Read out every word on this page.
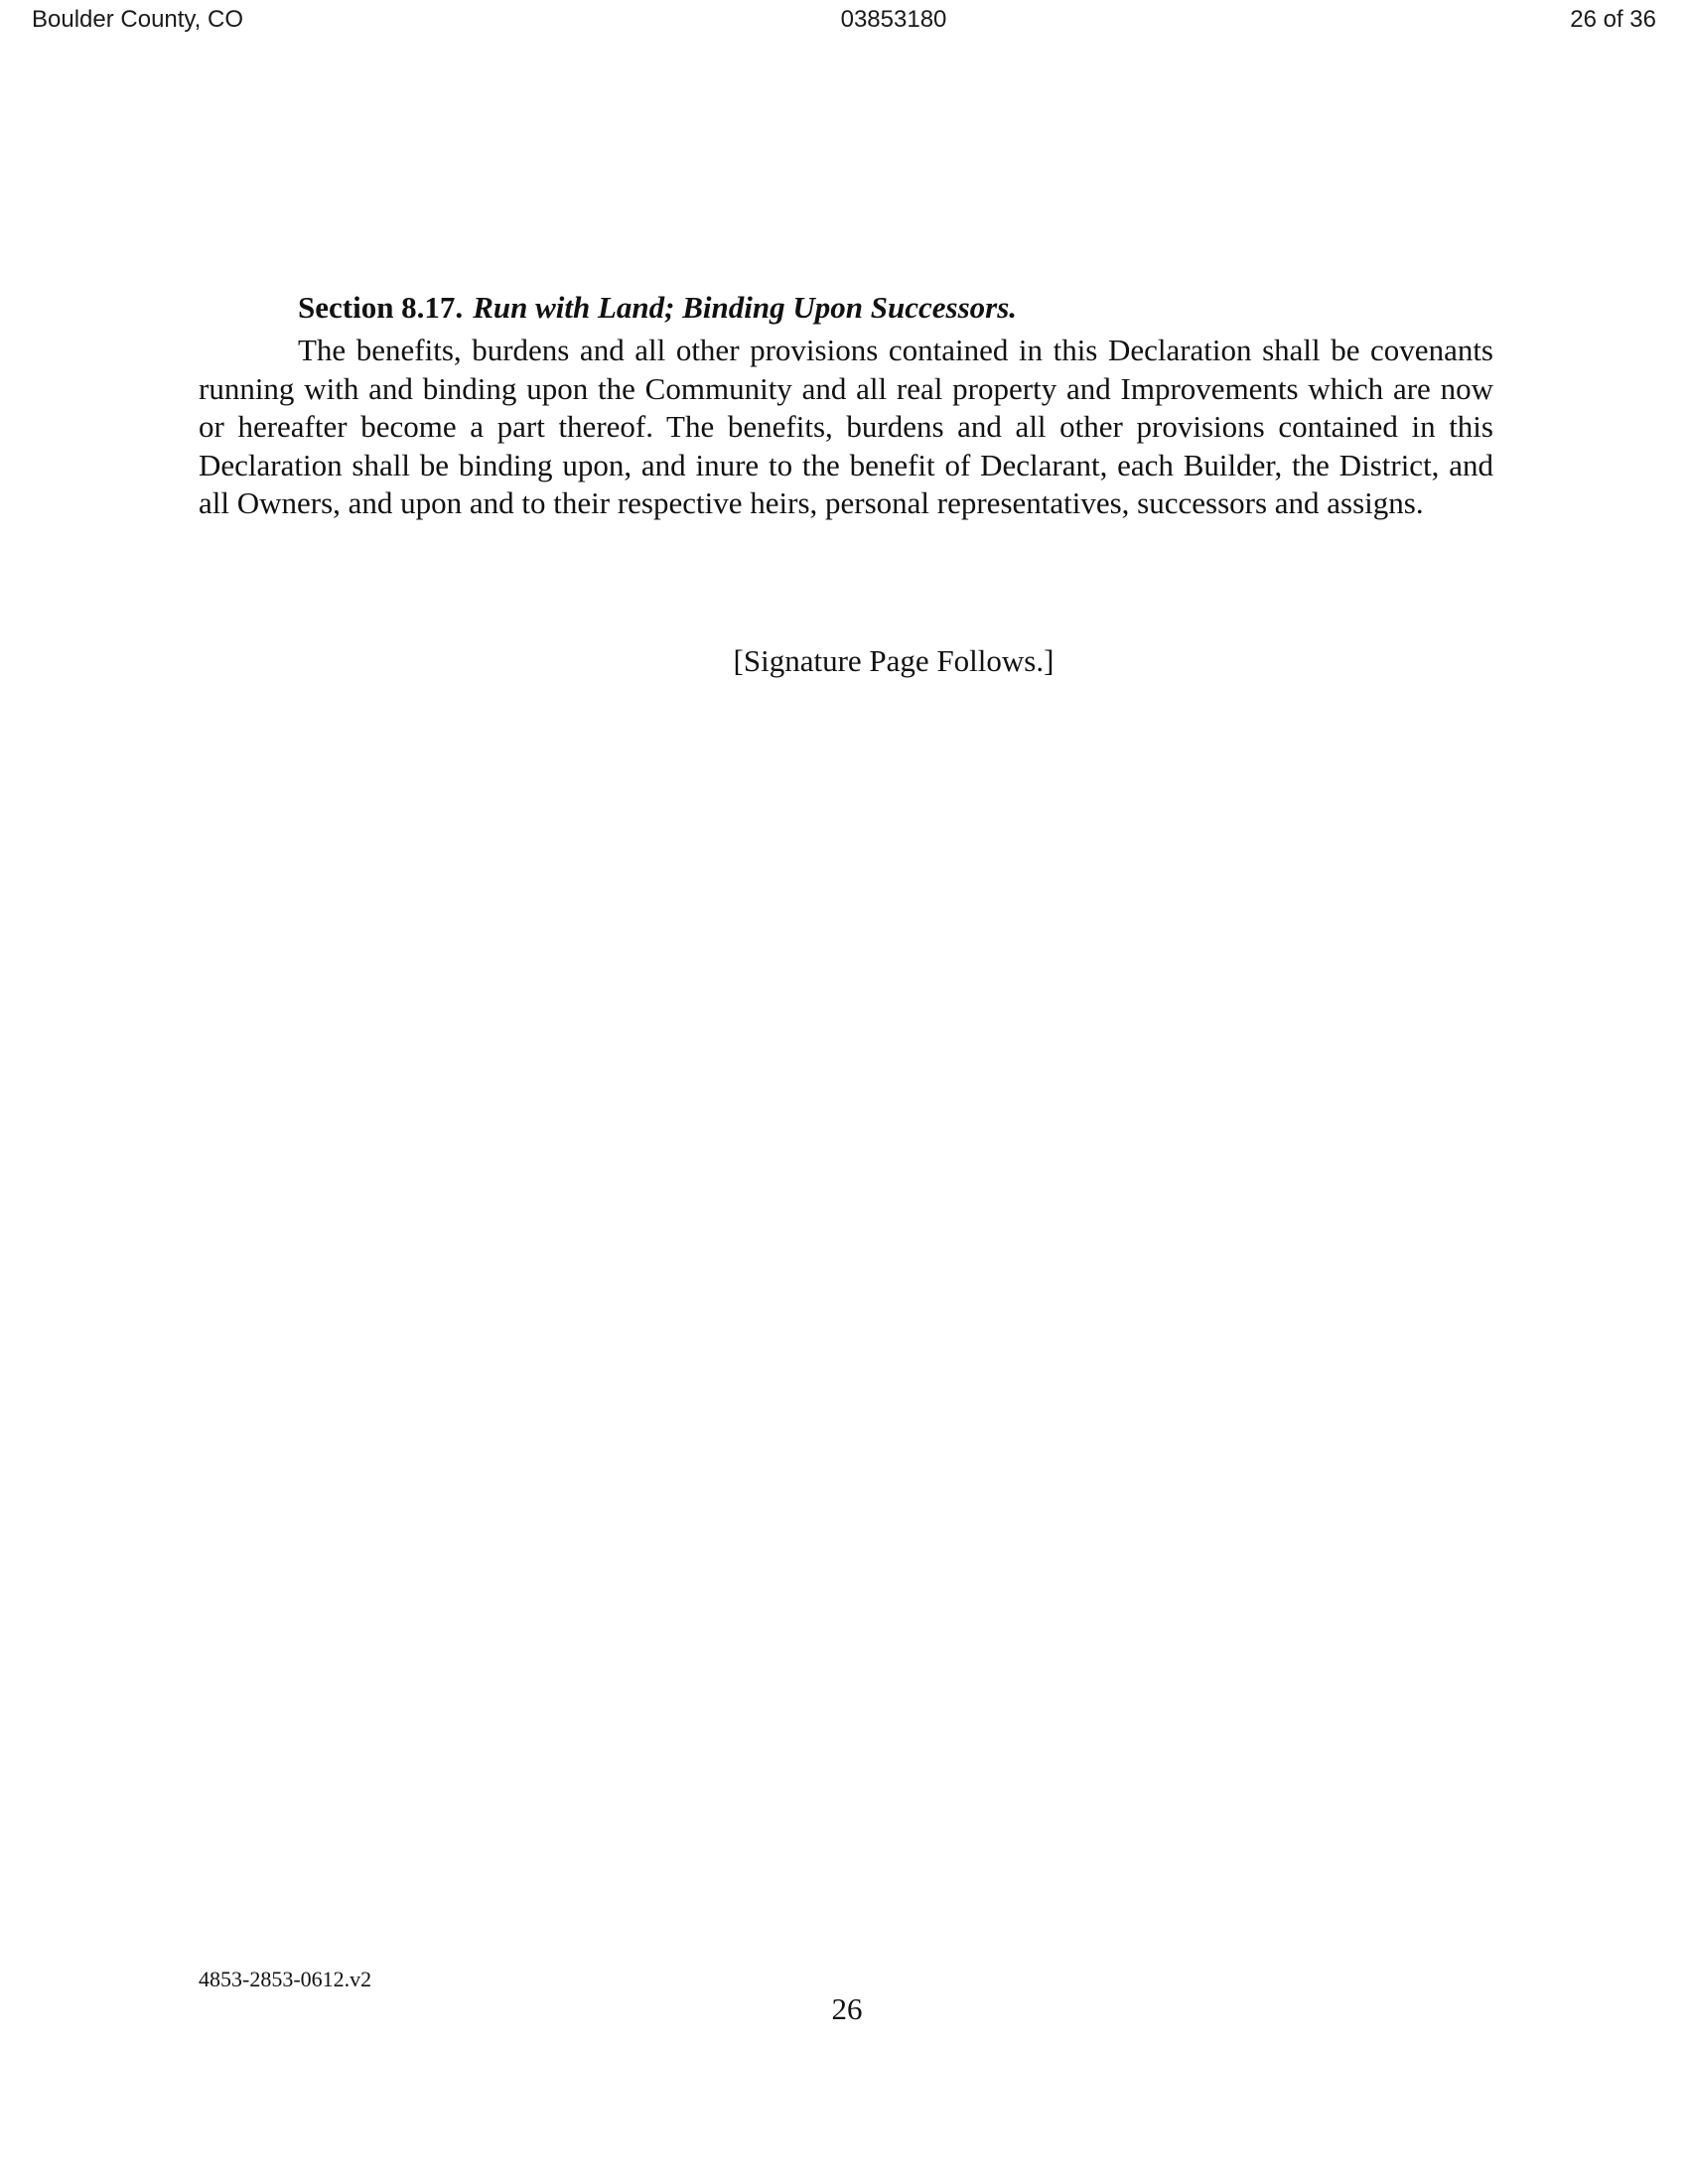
Boulder County, CO	03853180	26 of 36

Section 8.17. Run with Land; Binding Upon Successors.

The benefits, burdens and all other provisions contained in this Declaration shall be covenants running with and binding upon the Community and all real property and Improvements which are now or hereafter become a part thereof. The benefits, burdens and all other provisions contained in this Declaration shall be binding upon, and inure to the benefit of Declarant, each Builder, the District, and all Owners, and upon and to their respective heirs, personal representatives, successors and assigns.

[Signature Page Follows.]
4853-2853-0612.v2
26
